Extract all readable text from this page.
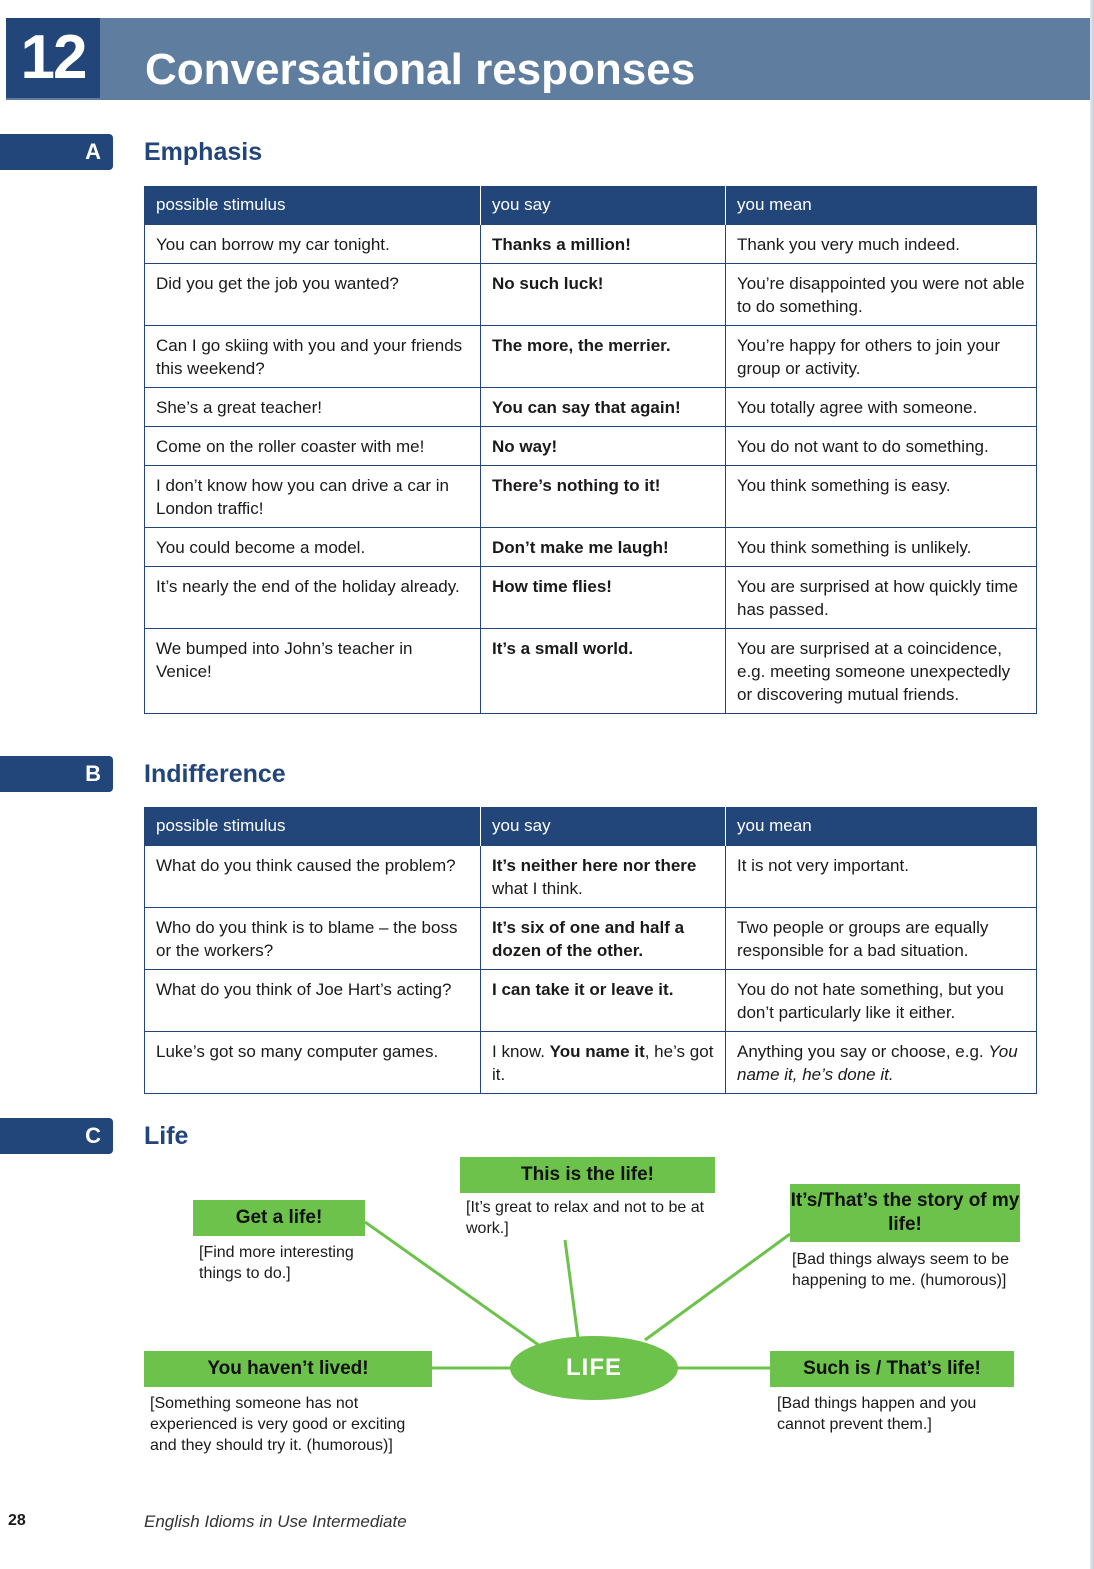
12	Conversational responses
A	Emphasis
possible stimulus	you say	you mean
You can borrow my car tonight.	Thanks a million!	Thank you very much indeed.
Did you get the job you wanted?	No such luck!	You’re disappointed you were not able to do something.
Can I go skiing with you and your friends this weekend?	The more, the merrier.	You’re happy for others to join your group or activity.
She’s a great teacher!	You can say that again!	You totally agree with someone.
Come on the roller coaster with me!	No way!	You do not want to do something.
I don’t know how you can drive a car in London traffic!	There’s nothing to it!	You think something is easy.
You could become a model.	Don’t make me laugh!	You think something is unlikely.
It’s nearly the end of the holiday already.	How time flies!	You are surprised at how quickly time has passed.
We bumped into John’s teacher in Venice!	It’s a small world.	You are surprised at a coincidence, e.g. meeting someone unexpectedly or discovering mutual friends.
B	Indifference
possible stimulus	you say	you mean
What do you think caused the problem?	It’s neither here nor there what I think.	It is not very important.
Who do you think is to blame – the boss or the workers?	It’s six of one and half a dozen of the other.	Two people or groups are equally responsible for a bad situation.
What do you think of Joe Hart’s acting?	I can take it or leave it.	You do not hate something, but you don’t particularly like it either.
Luke’s got so many computer games.	I know. You name it, he’s got it.	Anything you say or choose, e.g. You name it, he’s done it.
C	Life
This is the life!
[It’s great to relax and not to be at work.]
Get a life!
[Find more interesting things to do.]
It’s/That’s the story of my life!
[Bad things always seem to be happening to me. (humorous)]
You haven’t lived!
[Something someone has not experienced is very good or exciting and they should try it. (humorous)]
LIFE	Such is / That’s life!
[Bad things happen and you cannot prevent them.]
28	English Idioms in Use Intermediate
